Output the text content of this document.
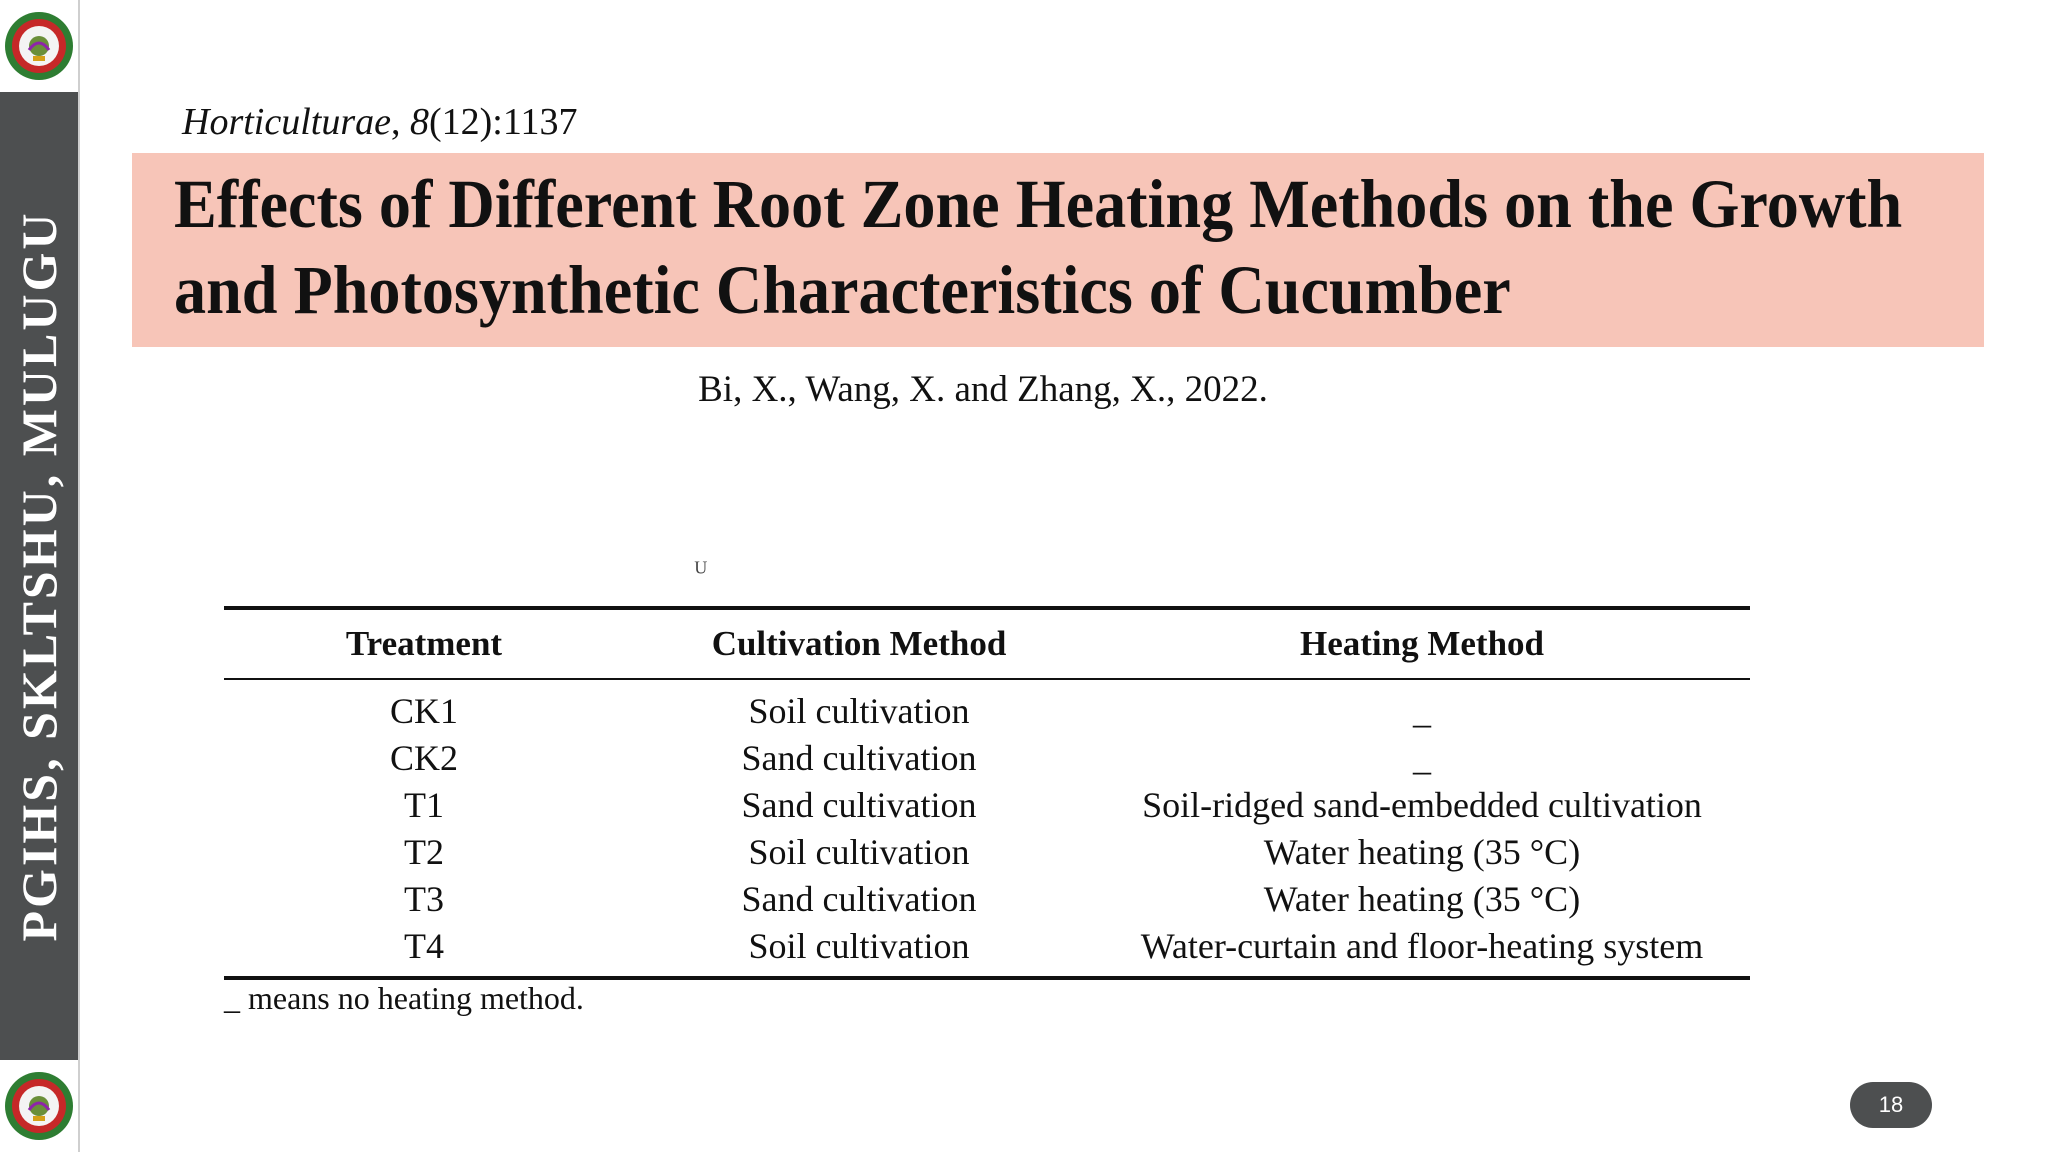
PGIHS, SKLTSHU, MULUGU
Horticulturae, 8(12):1137
Effects of Different Root Zone Heating Methods on the Growth
and Photosynthetic Characteristics of Cucumber
Bi, X., Wang, X. and Zhang, X., 2022.
ᵁ
Treatment	Cultivation Method	Heating Method
CK1	Soil cultivation	_
CK2	Sand cultivation	_
T1	Sand cultivation	Soil-ridged sand-embedded cultivation
T2	Soil cultivation	Water heating (35 °C)
T3	Sand cultivation	Water heating (35 °C)
T4	Soil cultivation	Water-curtain and floor-heating system
_ means no heating method.
18
